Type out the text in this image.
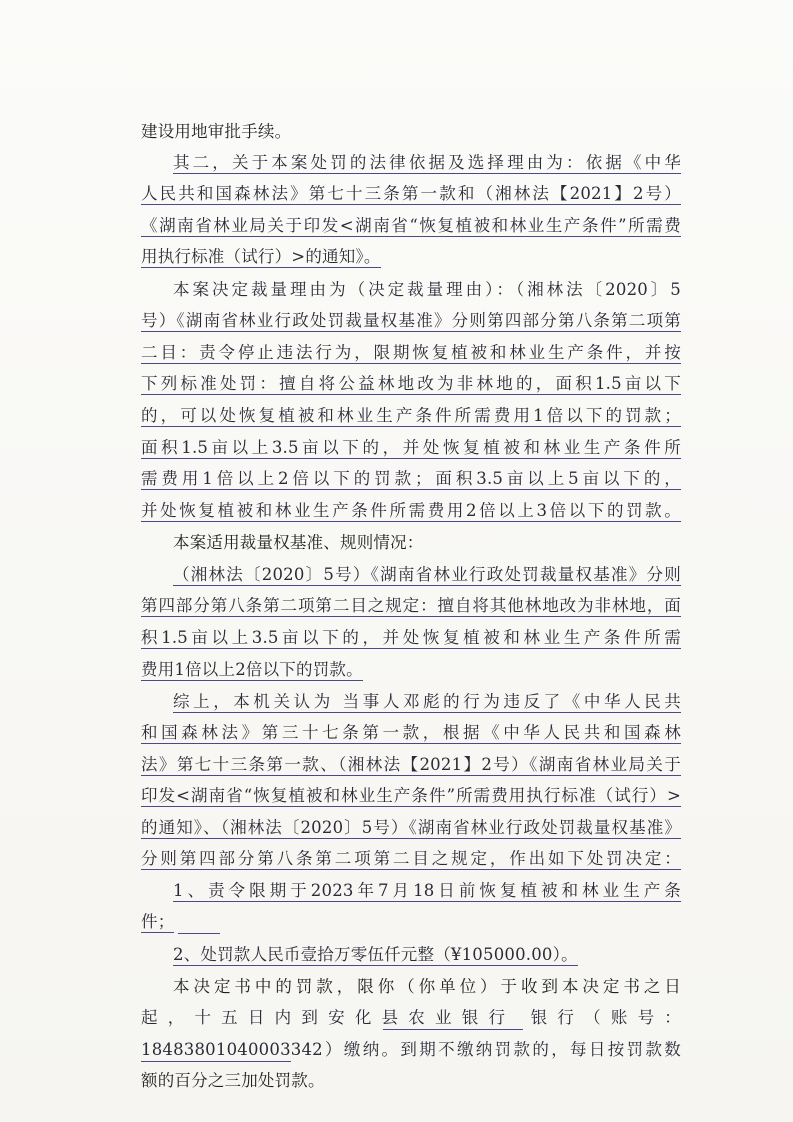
建设用地审批手续。
其二，关于本案处罚的法律依据及选择理由为：依据《中华
人民共和国森林法》第七十三条第一款和（湘林法【2021】2号）
《湖南省林业局关于印发<湖南省“恢复植被和林业生产条件”所需费
用执行标准（试行）>的通知》。
本案决定裁量理由为（决定裁量理由）：（湘林法〔2020〕5
号）《湖南省林业行政处罚裁量权基准》分则第四部分第八条第二项第
二目：责令停止违法行为，限期恢复植被和林业生产条件，并按
下列标准处罚：擅自将公益林地改为非林地的，面积1.5亩以下
的，可以处恢复植被和林业生产条件所需费用1倍以下的罚款；
面积1.5亩以上3.5亩以下的，并处恢复植被和林业生产条件所
需费用1倍以上2倍以下的罚款；面积3.5亩以上5亩以下的，
并处恢复植被和林业生产条件所需费用2倍以上3倍以下的罚款。
本案适用裁量权基准、规则情况：
（湘林法〔2020〕5号）《湖南省林业行政处罚裁量权基准》分则
第四部分第八条第二项第二目之规定：擅自将其他林地改为非林地，面
积1.5亩以上3.5亩以下的，并处恢复植被和林业生产条件所需
费用1倍以上2倍以下的罚款。
综上，本机关认为 当事人邓彪的行为违反了《中华人民共
和国森林法》第三十七条第一款，根据《中华人民共和国森林
法》第七十三条第一款、（湘林法【2021】2号）《湖南省林业局关于
印发<湖南省“恢复植被和林业生产条件”所需费用执行标准（试行）>
的通知》、（湘林法〔2020〕5号）《湖南省林业行政处罚裁量权基准》
分则第四部分第八条第二项第二目之规定，作出如下处罚决定：
1、责令限期于2023年7月18日前恢复植被和林业生产条
件；
2、处罚款人民币壹拾万零伍仟元整（¥105000.00）。
本决定书中的罚款，限你（你单位）于收到本决定书之日
起，十五日内到安化县农业银行 银行（账号：
18483801040003342）缴纳。到期不缴纳罚款的，每日按罚款数
额的百分之三加处罚款。
